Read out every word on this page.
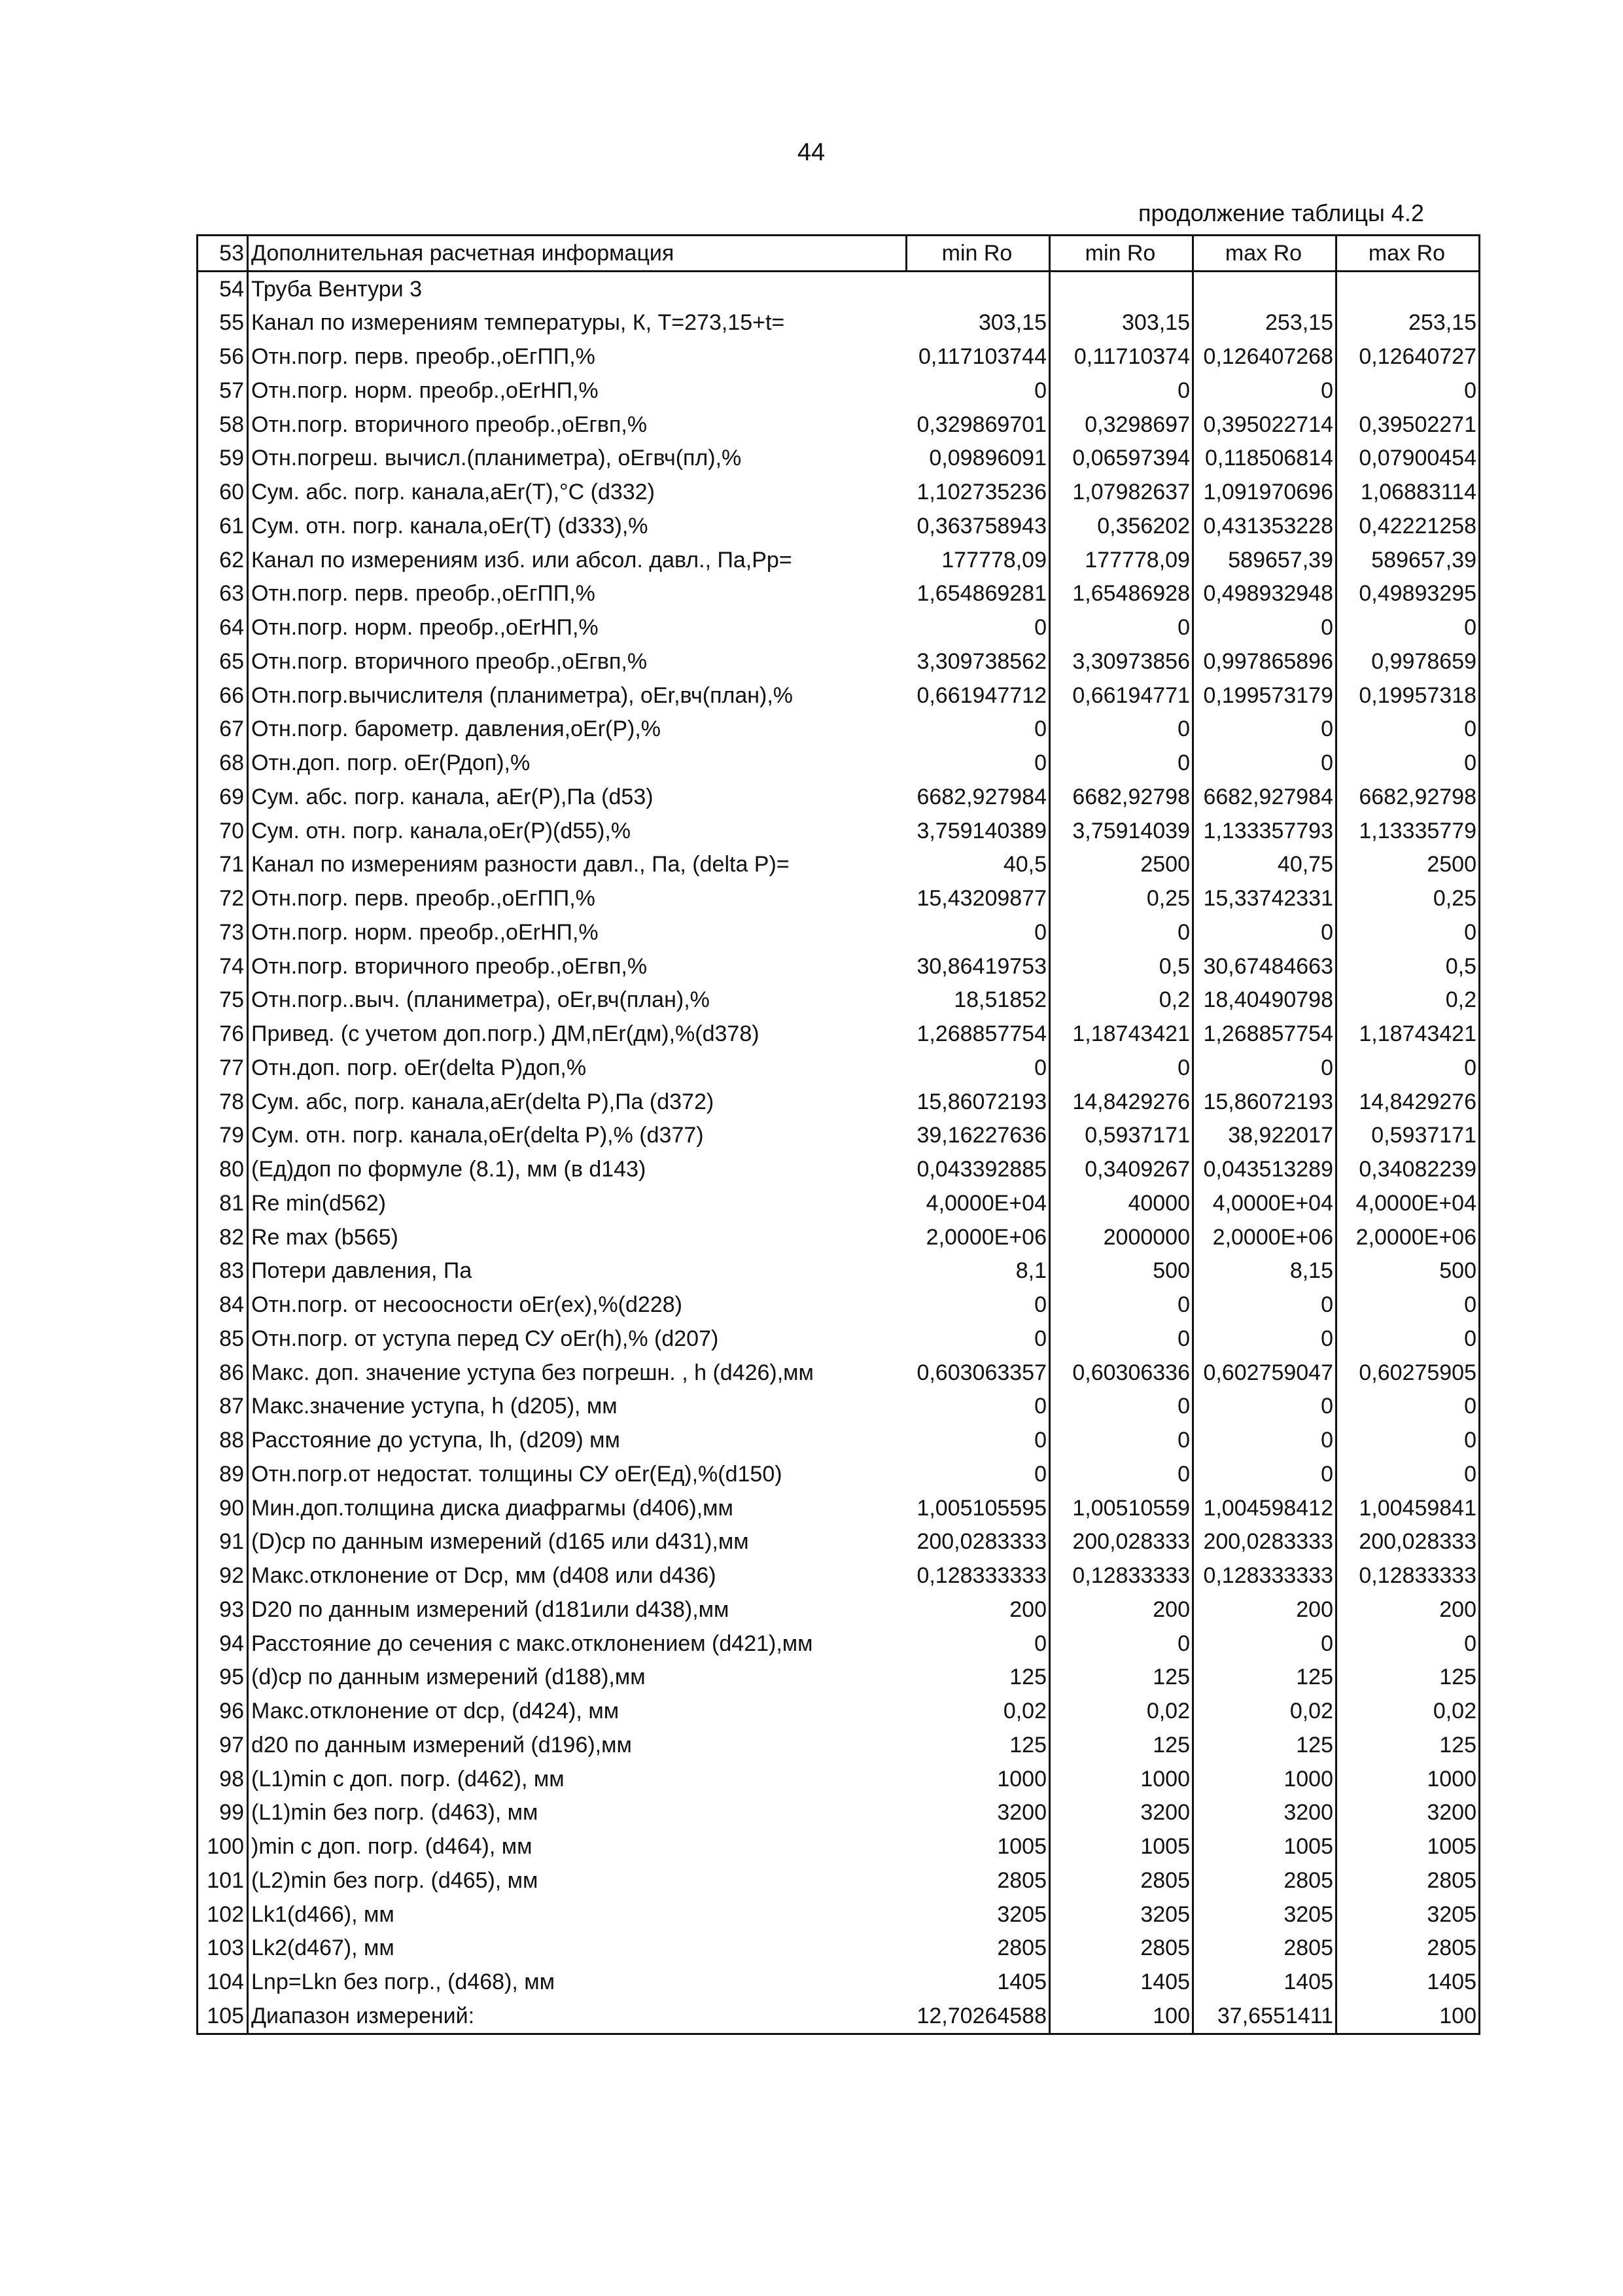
44
продолжение таблицы 4.2
53	Дополнительная расчетная информация	min Ro	min Ro	max Ro	max Ro
54	Труба Вентури 3				
55	Канал по измерениям температуры, К, Т=273,15+t=	303,15	303,15	253,15	253,15
56	Отн.погр. перв. преобр.,оЕгПП,%	0,117103744	0,11710374	0,126407268	0,12640727
57	Отн.погр. норм. преобр.,оЕrНП,%	0	0	0	0
58	Отн.погр. вторичного преобр.,оЕгвп,%	0,329869701	0,3298697	0,395022714	0,39502271
59	Отн.погреш. вычисл.(планиметра), оЕгвч(пл),%	0,09896091	0,06597394	0,118506814	0,07900454
60	Сум. абс. погр. канала,аЕr(Т),°С (d332)	1,102735236	1,07982637	1,091970696	1,06883114
61	Сум. отн. погр. канала,оЕr(Т) (d333),%	0,363758943	0,356202	0,431353228	0,42221258
62	Канал по измерениям изб. или абсол. давл., Па,Рр=	177778,09	177778,09	589657,39	589657,39
63	Отн.погр. перв. преобр.,оЕгПП,%	1,654869281	1,65486928	0,498932948	0,49893295
64	Отн.погр. норм. преобр.,оЕrНП,%	0	0	0	0
65	Отн.погр. вторичного преобр.,оЕгвп,%	3,309738562	3,30973856	0,997865896	0,9978659
66	Отн.погр.вычислителя (планиметра), оЕr,вч(план),%	0,661947712	0,66194771	0,199573179	0,19957318
67	Отн.погр. барометр. давления,оЕr(Р),%	0	0	0	0
68	Отн.доп. погр. оЕr(Рдоп),%	0	0	0	0
69	Сум. абс. погр. канала, аЕr(Р),Па (d53)	6682,927984	6682,92798	6682,927984	6682,92798
70	Сум. отн. погр. канала,оЕr(Р)(d55),%	3,759140389	3,75914039	1,133357793	1,13335779
71	Канал по измерениям разности давл., Па, (delta P)=	40,5	2500	40,75	2500
72	Отн.погр. перв. преобр.,оЕгПП,%	15,43209877	0,25	15,33742331	0,25
73	Отн.погр. норм. преобр.,оЕrНП,%	0	0	0	0
74	Отн.погр. вторичного преобр.,оЕгвп,%	30,86419753	0,5	30,67484663	0,5
75	Отн.погр..выч. (планиметра), оЕr,вч(план),%	18,51852	0,2	18,40490798	0,2
76	Привед. (с учетом доп.погр.) ДМ,пЕr(дм),%(d378)	1,268857754	1,18743421	1,268857754	1,18743421
77	Отн.доп. погр. оЕr(delta Р)доп,%	0	0	0	0
78	Сум. абс, погр. канала,аЕr(delta P),Па (d372)	15,86072193	14,8429276	15,86072193	14,8429276
79	Сум. отн. погр. канала,оЕr(delta P),% (d377)	39,16227636	0,5937171	38,922017	0,5937171
80	(Ед)доп по формуле (8.1), мм (в d143)	0,043392885	0,3409267	0,043513289	0,34082239
81	Re min(d562)	4,0000E+04	40000	4,0000E+04	4,0000E+04
82	Re max (b565)	2,0000E+06	2000000	2,0000E+06	2,0000E+06
83	Потери давления, Па	8,1	500	8,15	500
84	Отн.погр. от несоосности оЕr(ex),%(d228)	0	0	0	0
85	Отн.погр. от уступа перед СУ оЕr(h),% (d207)	0	0	0	0
86	Макс. доп. значение уступа без погрешн. , h (d426),мм	0,603063357	0,60306336	0,602759047	0,60275905
87	Макс.значение уступа, h (d205), мм	0	0	0	0
88	Расстояние до уступа, lh, (d209) мм	0	0	0	0
89	Отн.погр.от недостат. толщины СУ оЕr(Ед),%(d150)	0	0	0	0
90	Мин.доп.толщина диска диафрагмы (d406),мм	1,005105595	1,00510559	1,004598412	1,00459841
91	(D)ср по данным измерений (d165 или d431),мм	200,0283333	200,028333	200,0283333	200,028333
92	Макс.отклонение от Dср, мм (d408 или d436)	0,128333333	0,12833333	0,128333333	0,12833333
93	D20 по данным измерений (d181или d438),мм	200	200	200	200
94	Расстояние до сечения с макс.отклонением (d421),мм	0	0	0	0
95	(d)ср по данным измерений (d188),мм	125	125	125	125
96	Макс.отклонение от dср, (d424), мм	0,02	0,02	0,02	0,02
97	d20 по данным измерений (d196),мм	125	125	125	125
98	(L1)min с доп. погр. (d462), мм	1000	1000	1000	1000
99	(L1)min без погр. (d463), мм	3200	3200	3200	3200
100	)min с доп. погр. (d464), мм	1005	1005	1005	1005
101	(L2)min без погр. (d465), мм	2805	2805	2805	2805
102	Lk1(d466), мм	3205	3205	3205	3205
103	Lk2(d467), мм	2805	2805	2805	2805
104	Lnp=Lkn без погр., (d468), мм	1405	1405	1405	1405
105	Диапазон измерений:	12,70264588	100	37,6551411	100
